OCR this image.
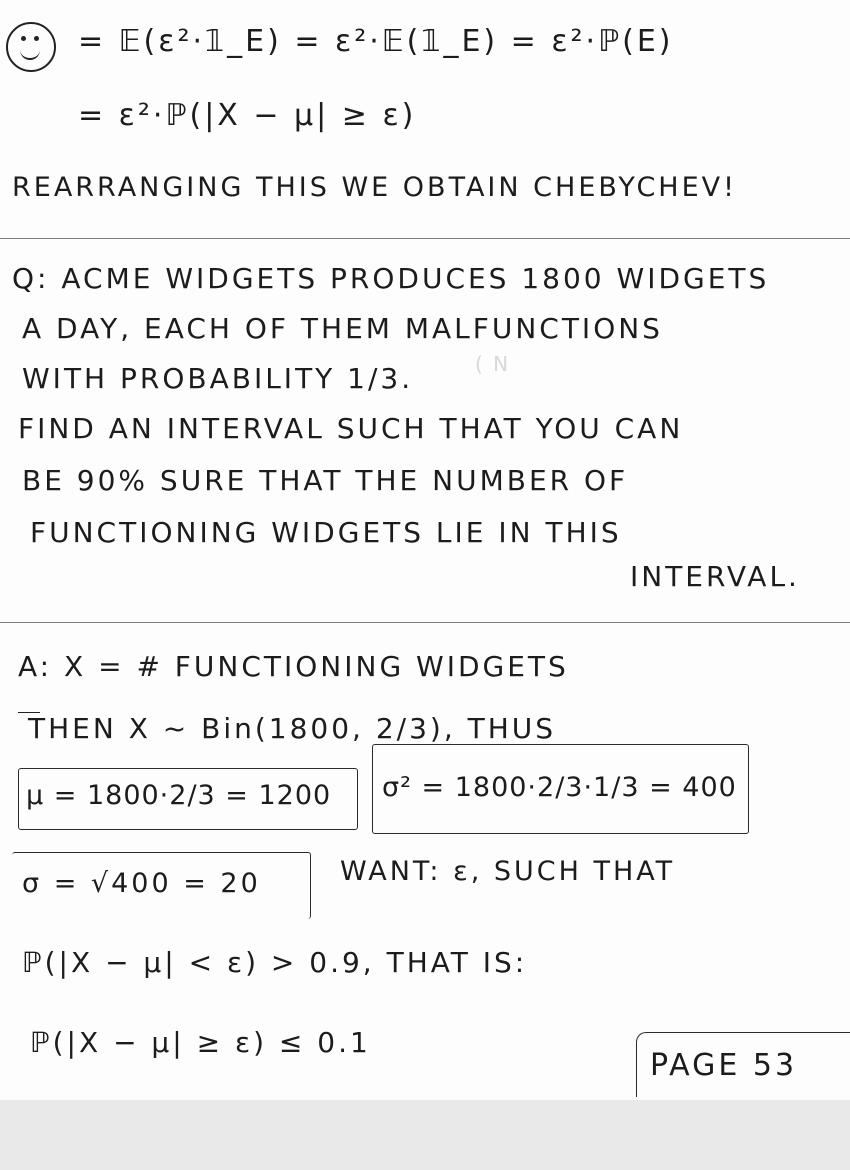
= 𝔼(ε²·𝟙_E) = ε²·𝔼(𝟙_E) = ε²·ℙ(E)
= ε²·ℙ(|X − μ| ≥ ε)
REARRANGING THIS WE OBTAIN CHEBYCHEV!
Q: ACME WIDGETS PRODUCES 1800 WIDGETS
A DAY, EACH OF THEM MALFUNCTIONS
WITH PROBABILITY 1/3.	( N
FIND AN INTERVAL SUCH THAT YOU CAN
BE 90% SURE THAT THE NUMBER OF
FUNCTIONING WIDGETS LIE IN THIS
INTERVAL.
A: X = # FUNCTIONING WIDGETS
THEN X ~ Bin(1800, 2/3), THUS
μ = 1800·2/3 = 1200 σ² = 1800·2/3·1/3 = 400
σ = √400 = 20	WANT: ε, SUCH THAT
ℙ(|X − μ| < ε) > 0.9, THAT IS:
ℙ(|X − μ| ≥ ε) ≤ 0.1
PAGE 53
